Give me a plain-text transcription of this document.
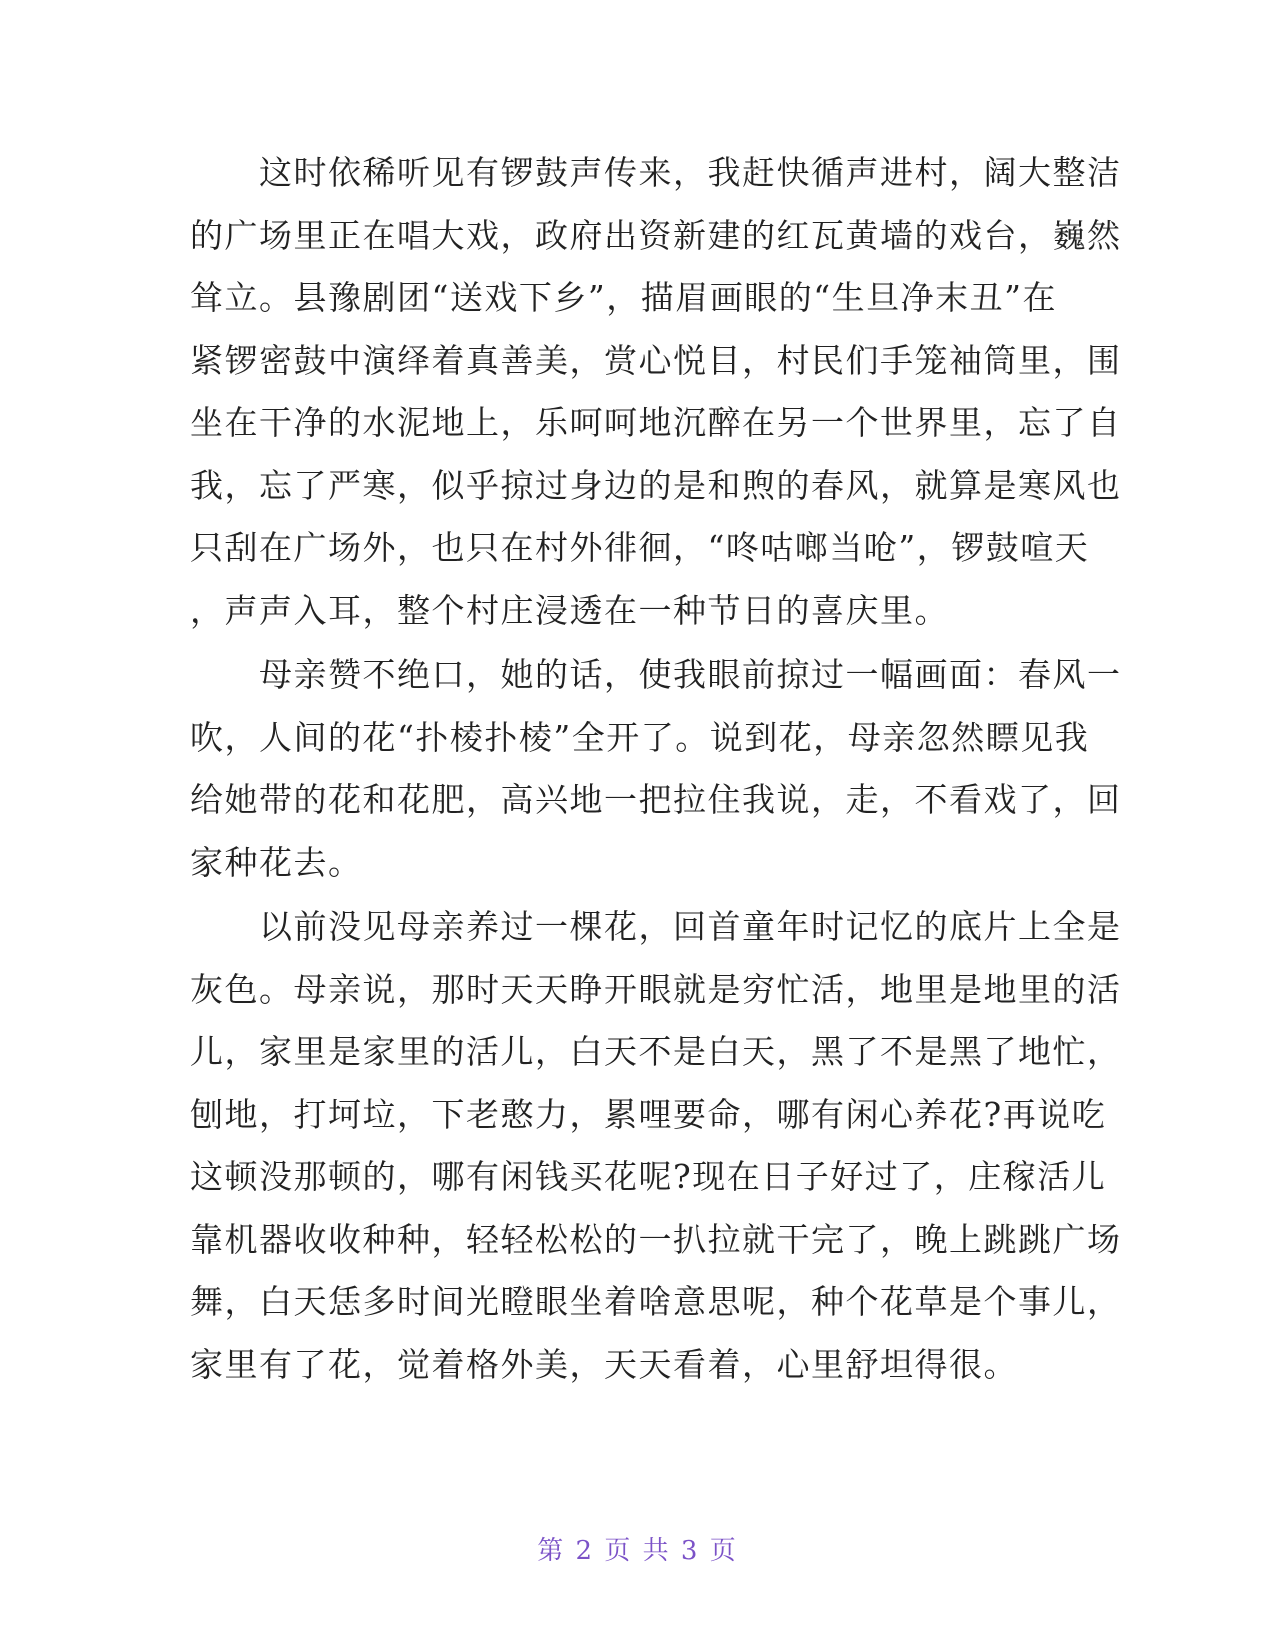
　　这时依稀听见有锣鼓声传来，我赶快循声进村，阔大整洁
的广场里正在唱大戏，政府出资新建的红瓦黄墙的戏台，巍然
耸立。县豫剧团“送戏下乡”，描眉画眼的“生旦净末丑”在
紧锣密鼓中演绎着真善美，赏心悦目，村民们手笼袖筒里，围
坐在干净的水泥地上，乐呵呵地沉醉在另一个世界里，忘了自
我，忘了严寒，似乎掠过身边的是和煦的春风，就算是寒风也
只刮在广场外，也只在村外徘徊，“咚咕啷当呛”，锣鼓喧天
，声声入耳，整个村庄浸透在一种节日的喜庆里。
　　母亲赞不绝口，她的话，使我眼前掠过一幅画面：春风一
吹，人间的花“扑棱扑棱”全开了。说到花，母亲忽然瞟见我
给她带的花和花肥，高兴地一把拉住我说，走，不看戏了，回
家种花去。
　　以前没见母亲养过一棵花，回首童年时记忆的底片上全是
灰色。母亲说，那时天天睁开眼就是穷忙活，地里是地里的活
儿，家里是家里的活儿，白天不是白天，黑了不是黑了地忙，
刨地，打坷垃，下老憨力，累哩要命，哪有闲心养花?再说吃
这顿没那顿的，哪有闲钱买花呢?现在日子好过了，庄稼活儿
靠机器收收种种，轻轻松松的一扒拉就干完了，晚上跳跳广场
舞，白天恁多时间光瞪眼坐着啥意思呢，种个花草是个事儿，
家里有了花，觉着格外美，天天看着，心里舒坦得很。
第 2 页 共 3 页
